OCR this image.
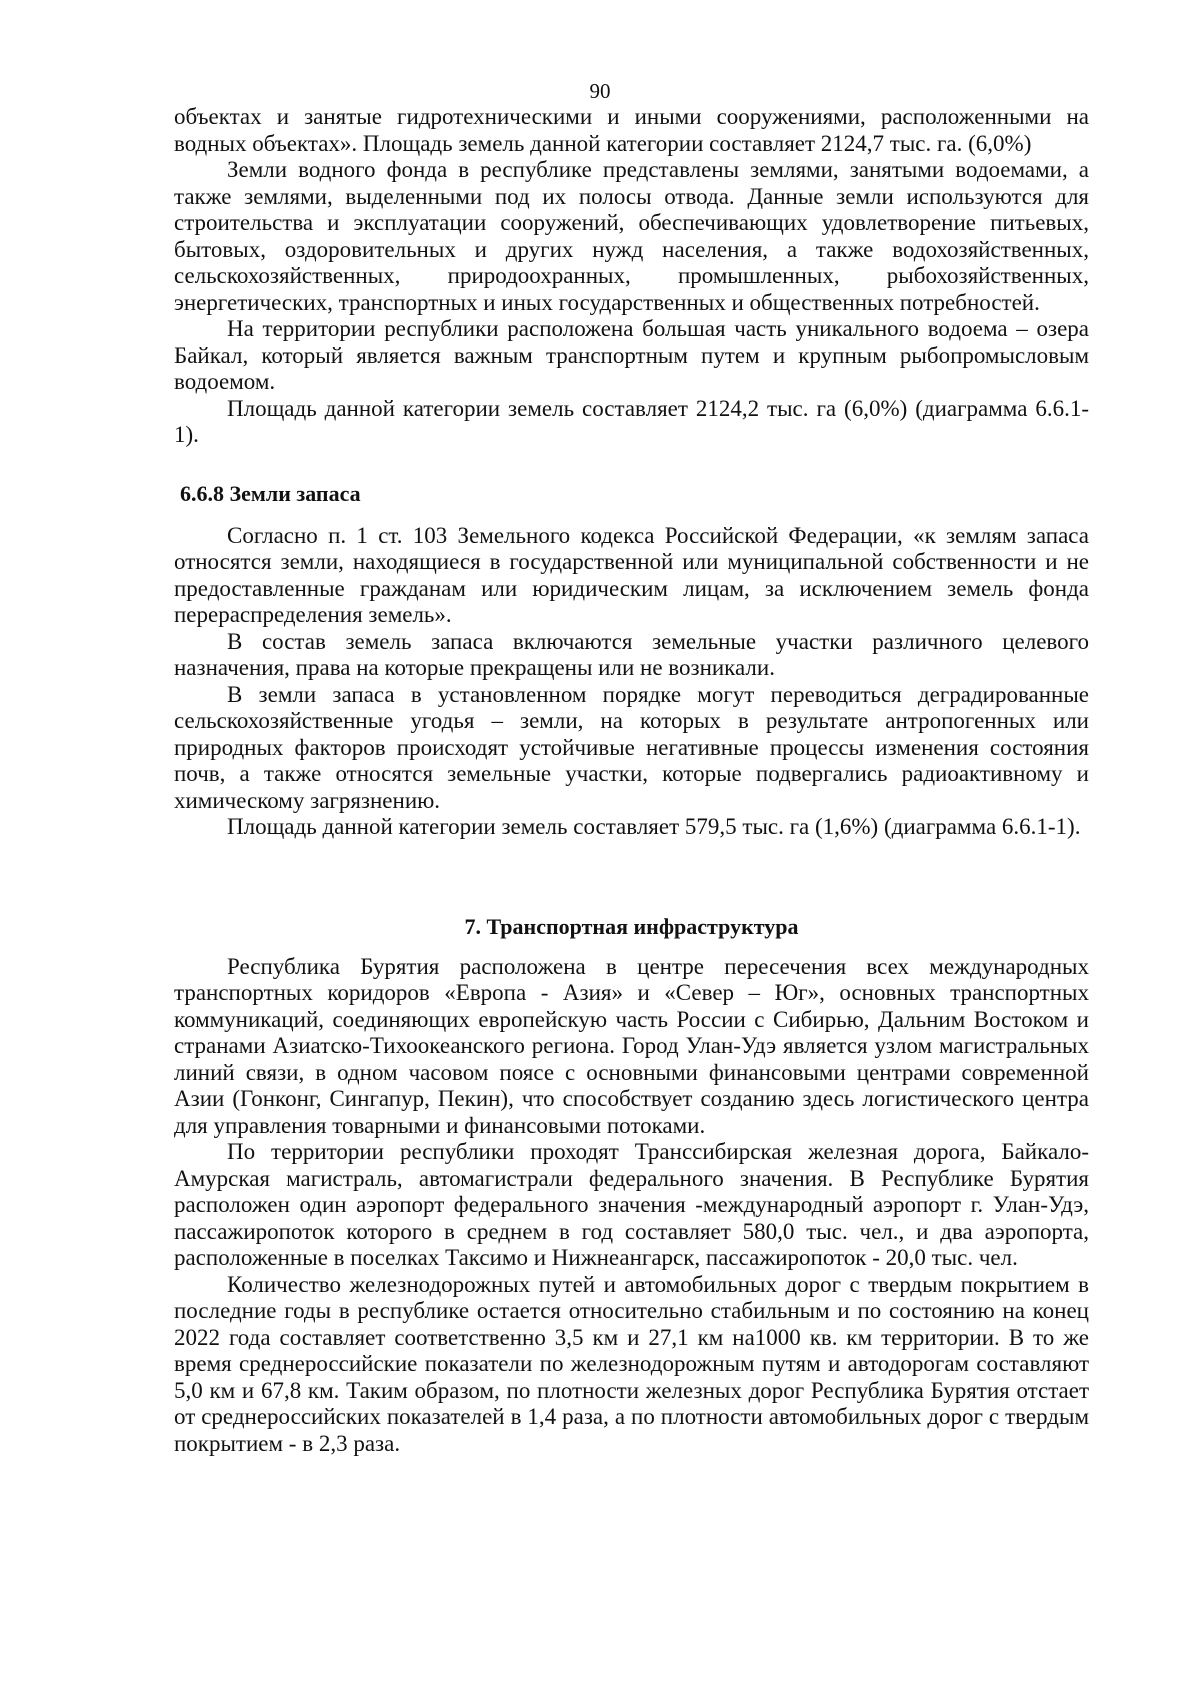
90

объектах и занятые гидротехническими и иными сооружениями, расположенными на водных объектах». Площадь земель данной категории составляет 2124,7 тыс. га. (6,0%)

Земли водного фонда в республике представлены землями, занятыми водоемами, а также землями, выделенными под их полосы отвода. Данные земли используются для строительства и эксплуатации сооружений, обеспечивающих удовлетворение питьевых, бытовых, оздоровительных и других нужд населения, а также водохозяйственных, сельскохозяйственных, природоохранных, промышленных, рыбохозяйственных, энергетических, транспортных и иных государственных и общественных потребностей.

На территории республики расположена большая часть уникального водоема – озера Байкал, который является важным транспортным путем и крупным рыбопромысловым водоемом.

Площадь данной категории земель составляет 2124,2 тыс. га (6,0%) (диаграмма 6.6.1-1).

6.6.8 Земли запаса

Согласно п. 1 ст. 103 Земельного кодекса Российской Федерации, «к землям запаса относятся земли, находящиеся в государственной или муниципальной собственности и не предоставленные гражданам или юридическим лицам, за исключением земель фонда перераспределения земель».

В состав земель запаса включаются земельные участки различного целевого назначения, права на которые прекращены или не возникали.

В земли запаса в установленном порядке могут переводиться деградированные сельскохозяйственные угодья – земли, на которых в результате антропогенных или природных факторов происходят устойчивые негативные процессы изменения состояния почв, а также относятся земельные участки, которые подвергались радиоактивному и химическому загрязнению.

Площадь данной категории земель составляет 579,5 тыс. га (1,6%) (диаграмма 6.6.1-1).

7. Транспортная инфраструктура

Республика Бурятия расположена в центре пересечения всех международных транспортных коридоров «Европа - Азия» и «Север – Юг», основных транспортных коммуникаций, соединяющих европейскую часть России с Сибирью, Дальним Востоком и странами Азиатско-Тихоокеанского региона. Город Улан-Удэ является узлом магистральных линий связи, в одном часовом поясе с основными финансовыми центрами современной Азии (Гонконг, Сингапур, Пекин), что способствует созданию здесь логистического центра для управления товарными и финансовыми потоками.

По территории республики проходят Транссибирская железная дорога, Байкало-Амурская магистраль, автомагистрали федерального значения. В Республике Бурятия расположен один аэропорт федерального значения -международный аэропорт г. Улан-Удэ, пассажиропоток которого в среднем в год составляет 580,0 тыс. чел., и два аэропорта, расположенные в поселках Таксимо и Нижнеангарск, пассажиропоток - 20,0 тыс. чел.

Количество железнодорожных путей и автомобильных дорог с твердым покрытием в последние годы в республике остается относительно стабильным и по состоянию на конец 2022 года составляет соответственно 3,5 км и 27,1 км на1000 кв. км территории. В то же время среднероссийские показатели по железнодорожным путям и автодорогам составляют 5,0 км и 67,8 км. Таким образом, по плотности железных дорог Республика Бурятия отстает от среднероссийских показателей в 1,4 раза, а по плотности автомобильных дорог с твердым покрытием - в 2,3 раза.
